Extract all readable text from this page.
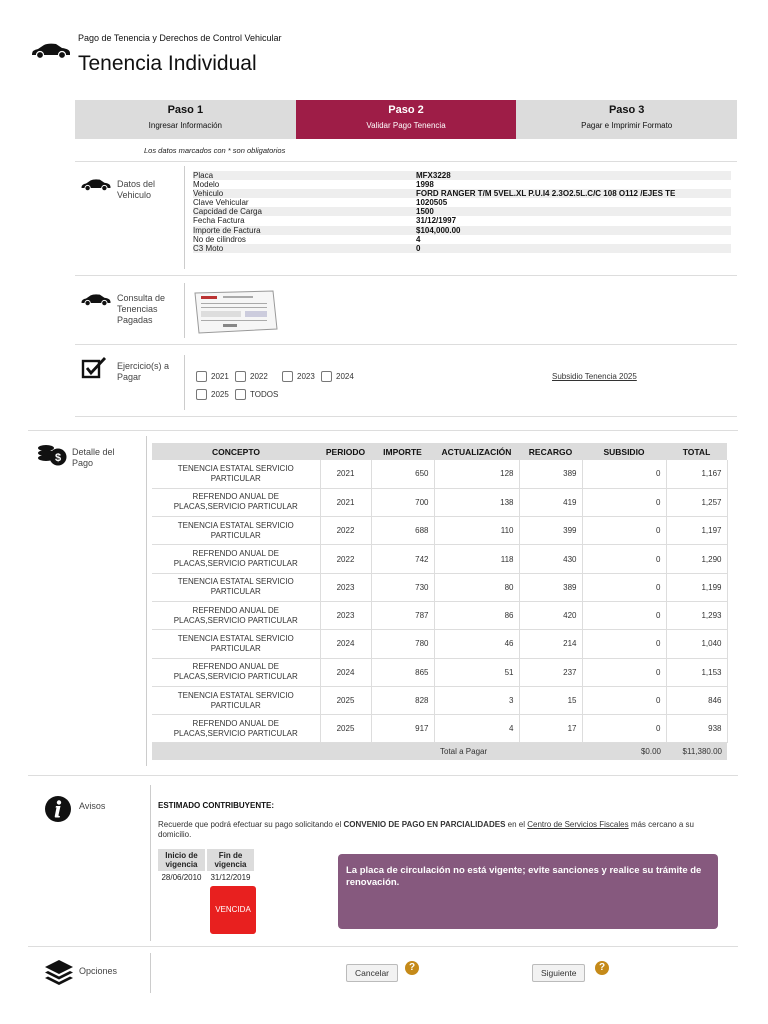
Pago de Tenencia y Derechos de Control Vehicular
Tenencia Individual
Paso 1
Ingresar Información
Paso 2
Validar Pago Tenencia
Paso 3
Pagar e Imprimir Formato
Los datos marcados con * son obligatorios
Datos del Vehiculo
Placa	MFX3228
Modelo	1998
Vehiculo	FORD RANGER T/M 5VEL.XL P.U.I4 2.3O2.5L.C/C 108 O112 /EJES TE
Clave Vehicular	1020505
Capcidad de Carga	1500
Fecha Factura	31/12/1997
Importe de Factura	$104,000.00
No de cilindros	4
C3 Moto	0
Consulta de Tenencias Pagadas
Ejercicio(s) a Pagar	2021	2022	2023	2024
2025	TODOS
Subsidio Tenencia 2025
$ Detalle del Pago
CONCEPTO	PERIODO	IMPORTE	ACTUALIZACIÓN	RECARGO	SUBSIDIO	TOTAL
TENENCIA ESTATAL SERVICIO PARTICULAR	2021	650	128	389	0	1,167
REFRENDO ANUAL DE PLACAS,SERVICIO PARTICULAR	2021	700	138	419	0	1,257
TENENCIA ESTATAL SERVICIO PARTICULAR	2022	688	110	399	0	1,197
REFRENDO ANUAL DE PLACAS,SERVICIO PARTICULAR	2022	742	118	430	0	1,290
TENENCIA ESTATAL SERVICIO PARTICULAR	2023	730	80	389	0	1,199
REFRENDO ANUAL DE PLACAS,SERVICIO PARTICULAR	2023	787	86	420	0	1,293
TENENCIA ESTATAL SERVICIO PARTICULAR	2024	780	46	214	0	1,040
REFRENDO ANUAL DE PLACAS,SERVICIO PARTICULAR	2024	865	51	237	0	1,153
TENENCIA ESTATAL SERVICIO PARTICULAR	2025	828	3	15	0	846
REFRENDO ANUAL DE PLACAS,SERVICIO PARTICULAR	2025	917	4	17	0	938
			Total a Pagar		$0.00	$11,380.00
Avisos	ESTIMADO CONTRIBUYENTE:
Recuerde que podrá efectuar su pago solicitando el CONVENIO DE PAGO EN PARCIALIDADES en el Centro de Servicios Fiscales más cercano a su domicilio.
Inicio de vigencia
Fin de vigencia
28/06/2010	31/12/2019
VENCIDA
La placa de circulación no está vigente; evite sanciones y realice su trámite de renovación.
Opciones	Cancelar	?	Siguiente	?
